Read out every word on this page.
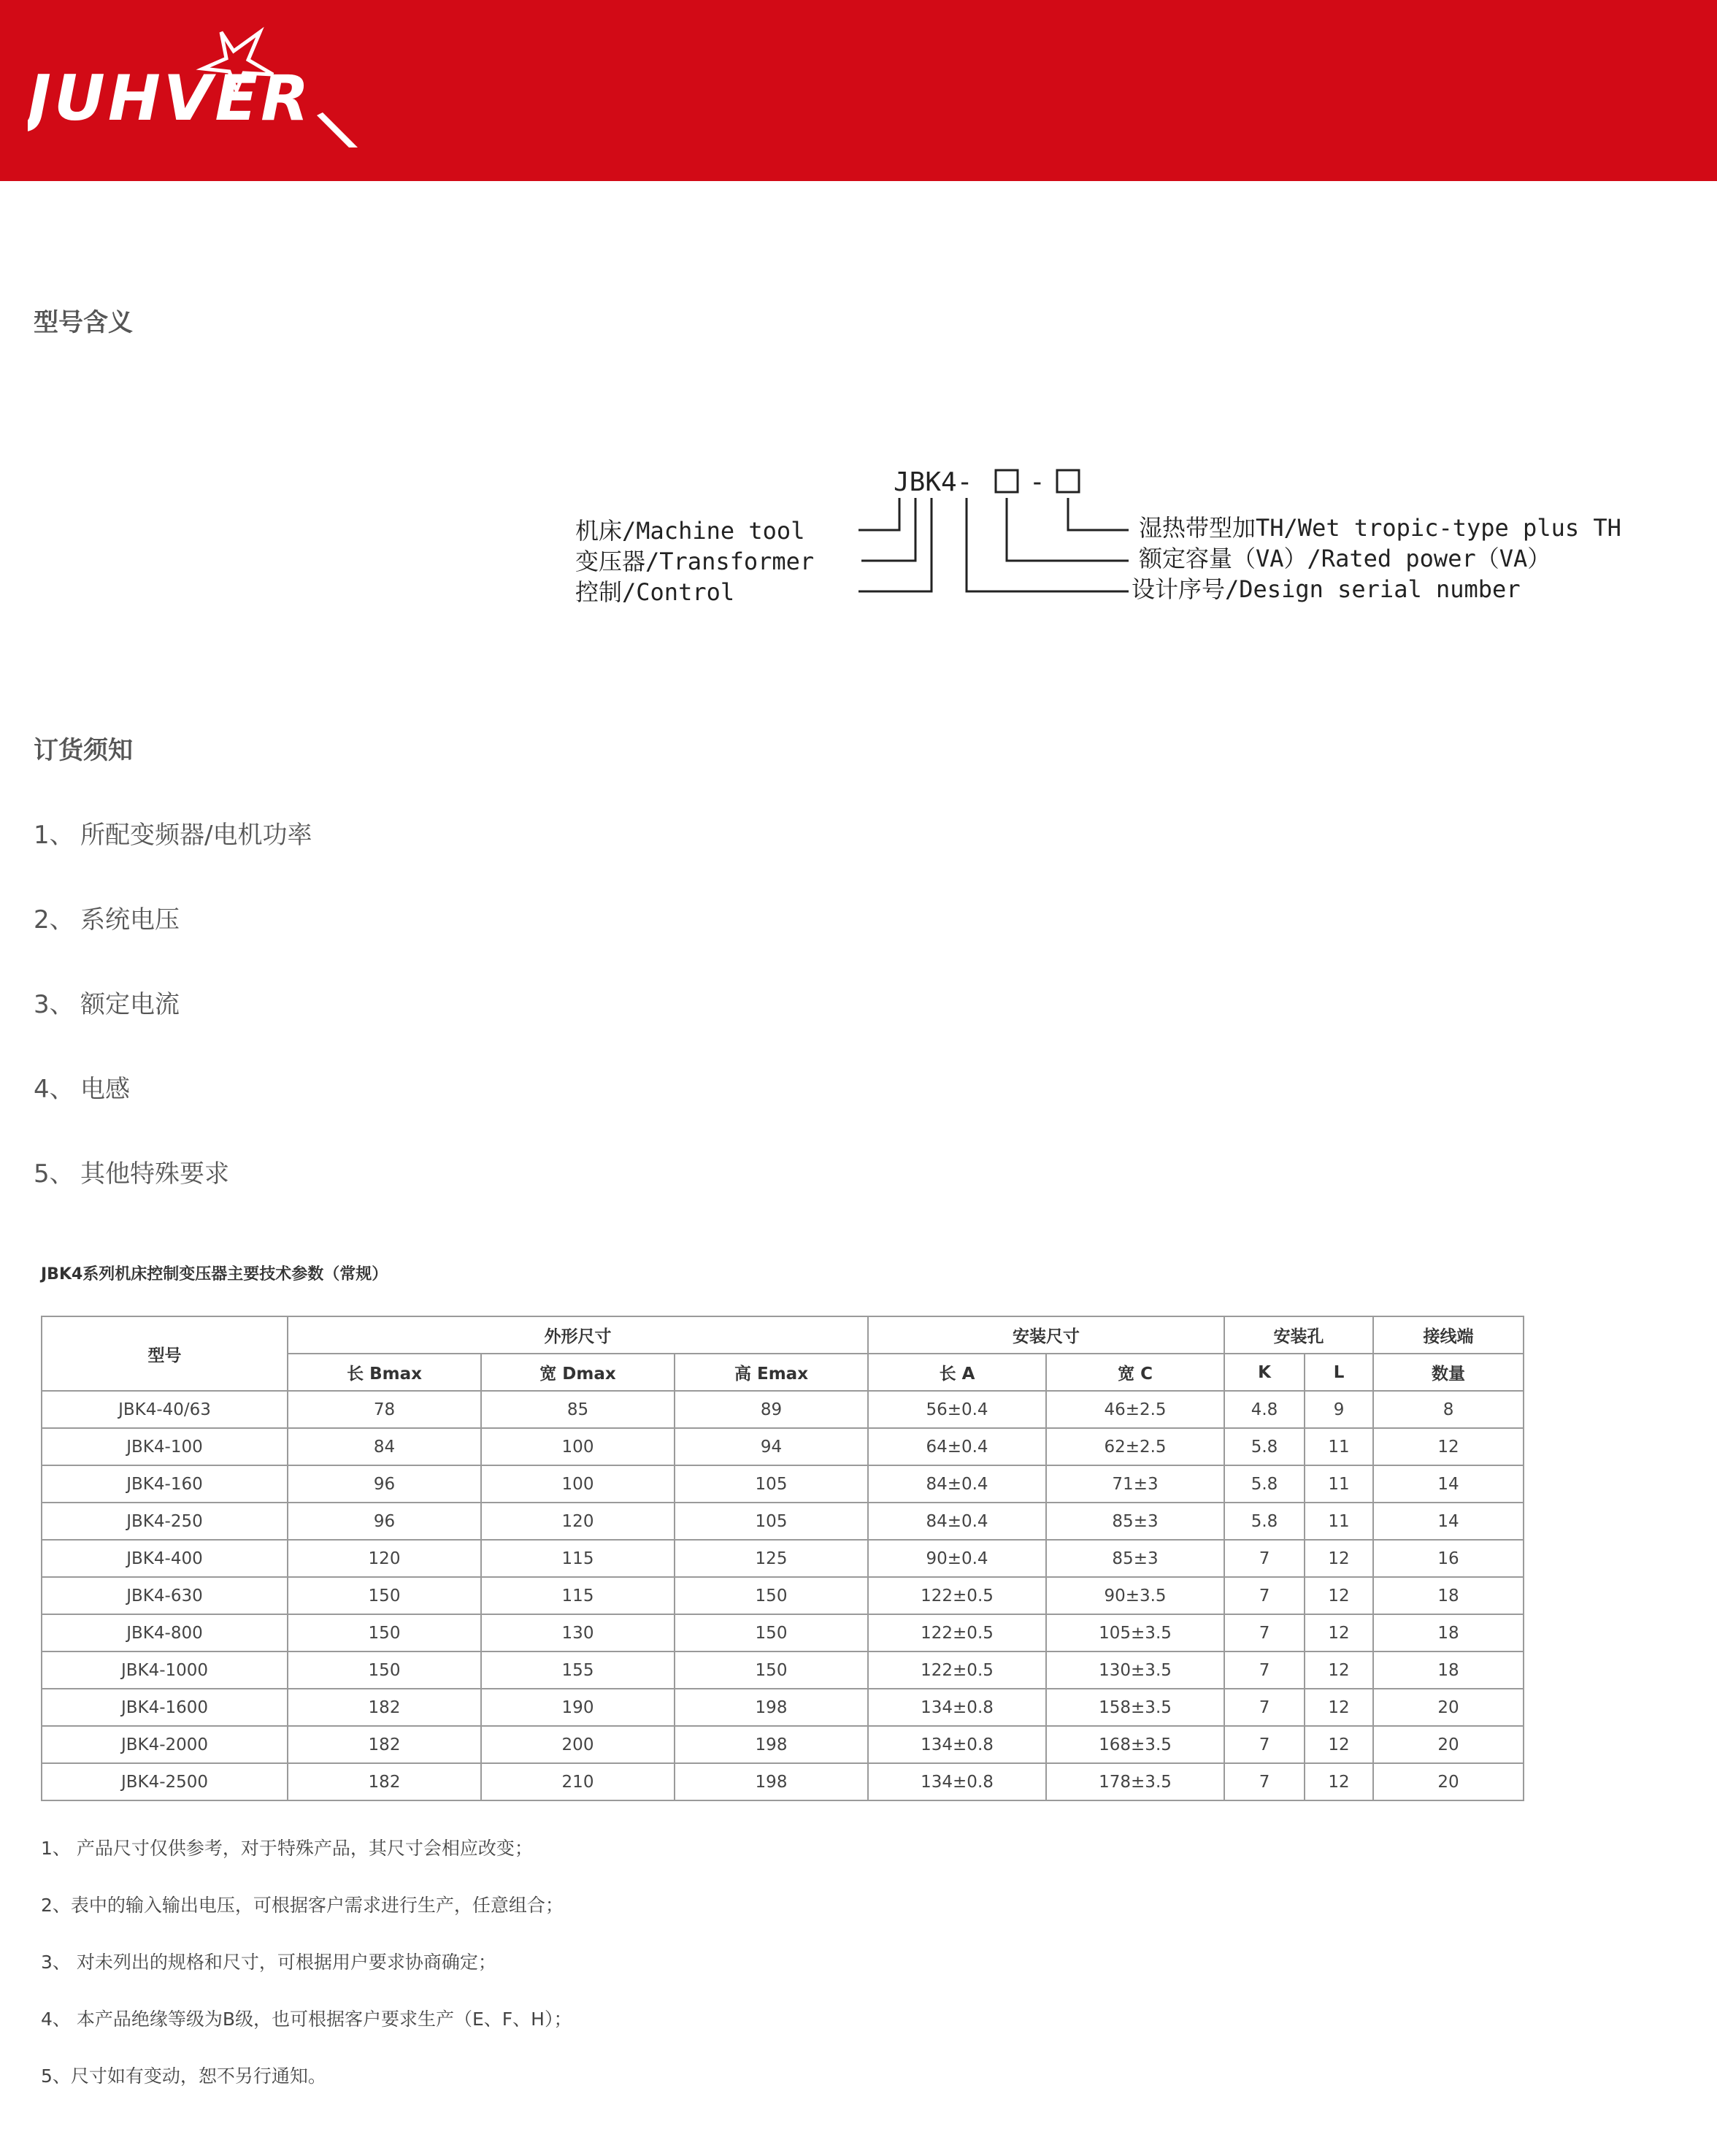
JUHVER
型号含义
JBK4- -
机床/Machine tool
变压器/Transformer
控制/Control
湿热带型加TH/Wet tropic-type plus TH
额定容量（VA）/Rated power（VA）
设计序号/Design serial number
订货须知
1、 所配变频器/电机功率
2、 系统电压
3、 额定电流
4、 电感
5、 其他特殊要求
JBK4系列机床控制变压器主要技术参数（常规）
型号	外形尺寸			安装尺寸		安装孔		接线端
	长 Bmax	宽 Dmax	高 Emax	长 A	宽 C	K	L	数量
JBK4-40/63	78	85	89	56±0.4	46±2.5	4.8	9	8
JBK4-100	84	100	94	64±0.4	62±2.5	5.8	11	12
JBK4-160	96	100	105	84±0.4	71±3	5.8	11	14
JBK4-250	96	120	105	84±0.4	85±3	5.8	11	14
JBK4-400	120	115	125	90±0.4	85±3	7	12	16
JBK4-630	150	115	150	122±0.5	90±3.5	7	12	18
JBK4-800	150	130	150	122±0.5	105±3.5	7	12	18
JBK4-1000	150	155	150	122±0.5	130±3.5	7	12	18
JBK4-1600	182	190	198	134±0.8	158±3.5	7	12	20
JBK4-2000	182	200	198	134±0.8	168±3.5	7	12	20
JBK4-2500	182	210	198	134±0.8	178±3.5	7	12	20
1、 产品尺寸仅供参考，对于特殊产品，其尺寸会相应改变；
2、表中的输入输出电压，可根据客户需求进行生产，任意组合；
3、 对未列出的规格和尺寸，可根据用户要求协商确定；
4、 本产品绝缘等级为B级，也可根据客户要求生产（E、F、H）；
5、尺寸如有变动，恕不另行通知。
